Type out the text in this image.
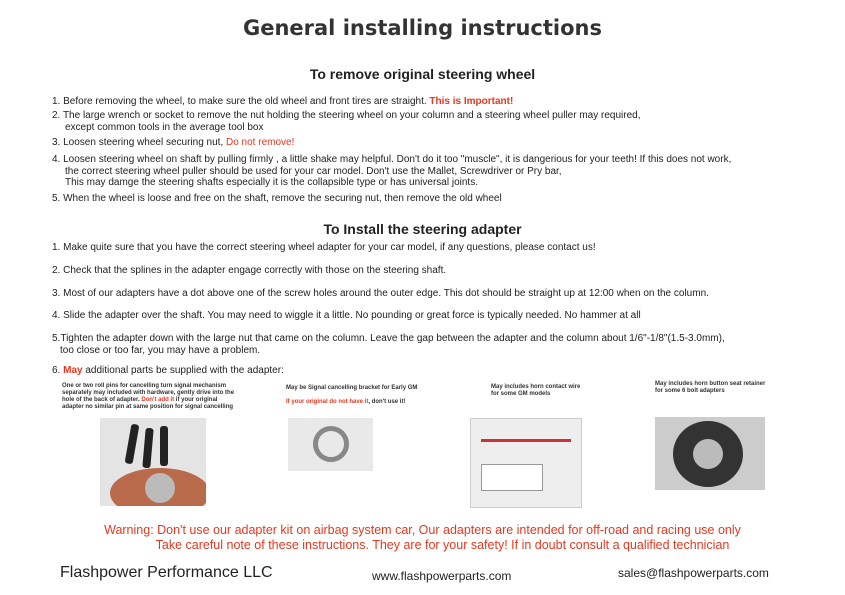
General installing instructions
To remove original steering wheel
1. Before removing the wheel, to make sure the old wheel and front tires are straight. This is Important!
2. The large wrench or socket to remove the nut holding the steering wheel on your column and a steering wheel puller may required,
except common tools in the average tool box
3. Loosen steering wheel securing nut, Do not remove!
4. Loosen steering wheel on shaft by pulling firmly , a little shake may helpful. Don't do it too "muscle", it is dangerious for your teeth! If this does not work,
the correct steering wheel puller should be used for your car model. Don't use the Mallet, Screwdriver or Pry bar,
This may damge the steering shafts especially it is the collapsible type or has universal joints.
5. When the wheel is loose and free on the shaft, remove the securing nut, then remove the old wheel
To Install the steering adapter
1. Make quite sure that you have the correct steering wheel adapter for your car model, if any questions, please contact us!
2. Check that the splines in the adapter engage correctly with those on the steering shaft.
3. Most of our adapters have a dot above one of the screw holes around the outer edge. This dot should be straight up at 12:00 when on the column.
4. Slide the adapter over the shaft. You may need to wiggle it a little. No pounding or great force is typically needed. No hammer at all
5.Tighten the adapter down with the large nut that came on the column. Leave the gap between the adapter and the column about 1/6"-1/8"(1.5-3.0mm),
too close or too far, you may have a problem.
6. May additional parts be supplied with the adapter:
One or two roll pins for cancelling turn signal mechanism
separately may included with hardware, gently drive into the
hole of the back of adapter. Don't add it if your original
adapter no similar pin at same position for signal cancelling
May be Signal cancelling bracket for Early GM
If your original do not have it, don't use it!
May includes horn contact wire
for some GM models
May includes horn button seat retainer
for some 6 bolt adapters
Warning: Don't use our adapter kit on airbag system car, Our adapters are intended for off-road and racing use only
Take careful note of these instructions. They are for your safety! If in doubt consult a qualified technician
Flashpower Performance LLC	www.flashpowerparts.com	sales@flashpowerparts.com
